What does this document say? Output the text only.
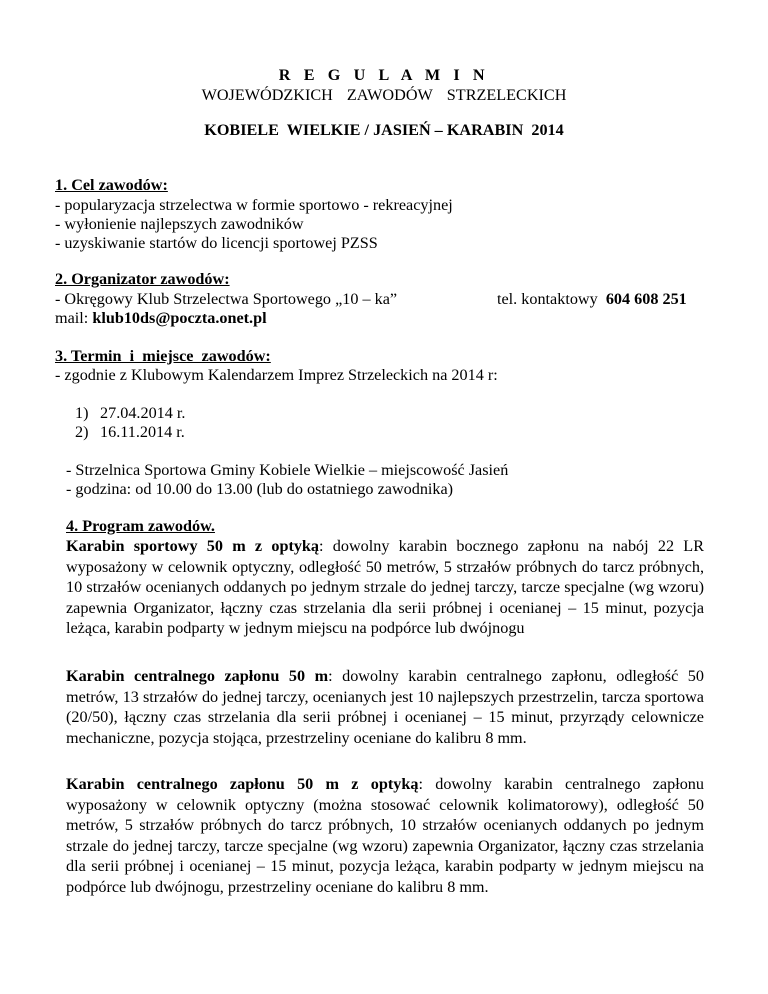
R E G U L A M I N
WOJEWÓDZKICH ZAWODÓW STRZELECKICH
KOBIELE  WIELKIE / JASIEŃ – KARABIN  2014
1. Cel zawodów:
- popularyzacja strzelectwa w formie sportowo - rekreacyjnej
- wyłonienie najlepszych zawodników
- uzyskiwanie startów do licencji sportowej PZSS
2. Organizator zawodów:
- Okręgowy Klub Strzelectwa Sportowego „10 – ka”	tel. kontaktowy 604 608 251
mail: klub10ds@poczta.onet.pl
3. Termin  i  miejsce  zawodów:
- zgodnie z Klubowym Kalendarzem Imprez Strzeleckich na 2014 r:
1) 27.04.2014 r.
2) 16.11.2014 r.
- Strzelnica Sportowa Gminy Kobiele Wielkie – miejscowość Jasień
- godzina: od 10.00 do 13.00 (lub do ostatniego zawodnika)
4. Program zawodów.
Karabin sportowy 50 m z optyką: dowolny karabin bocznego zapłonu na nabój 22 LR wyposażony w celownik optyczny, odległość 50 metrów, 5 strzałów próbnych do tarcz próbnych, 10 strzałów ocenianych oddanych po jednym strzale do jednej tarczy, tarcze specjalne (wg wzoru) zapewnia Organizator, łączny czas strzelania dla serii próbnej i ocenianej – 15 minut, pozycja leżąca, karabin podparty w jednym miejscu na podpórce lub dwójnogu
Karabin centralnego zapłonu 50 m: dowolny karabin centralnego zapłonu, odległość 50 metrów, 13 strzałów do jednej tarczy, ocenianych jest 10 najlepszych przestrzelin, tarcza sportowa (20/50), łączny czas strzelania dla serii próbnej i ocenianej – 15 minut, przyrządy celownicze mechaniczne, pozycja stojąca, przestrzeliny oceniane do kalibru 8 mm.
Karabin centralnego zapłonu 50 m z optyką: dowolny karabin centralnego zapłonu wyposażony w celownik optyczny (można stosować celownik kolimatorowy), odległość 50 metrów, 5 strzałów próbnych do tarcz próbnych, 10 strzałów ocenianych oddanych po jednym strzale do jednej tarczy, tarcze specjalne (wg wzoru) zapewnia Organizator, łączny czas strzelania dla serii próbnej i ocenianej – 15 minut, pozycja leżąca, karabin podparty w jednym miejscu na podpórce lub dwójnogu, przestrzeliny oceniane do kalibru 8 mm.
